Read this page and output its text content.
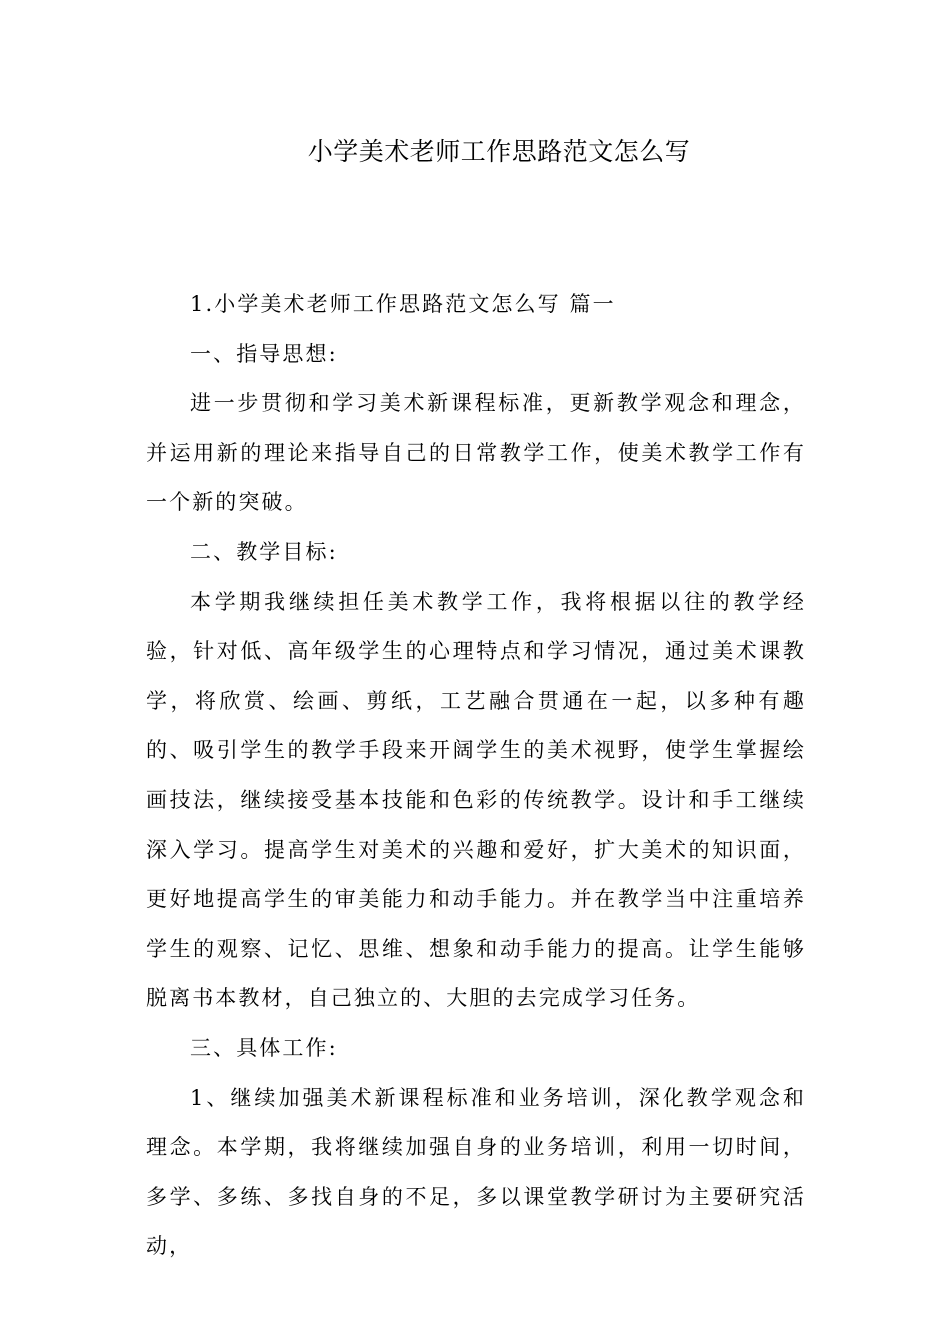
小学美术老师工作思路范文怎么写

1.小学美术老师工作思路范文怎么写 篇一

一、指导思想:

进一步贯彻和学习美术新课程标准，更新教学观念和理念，并运用新的理论来指导自己的日常教学工作，使美术教学工作有一个新的突破。

二、教学目标:

本学期我继续担任美术教学工作，我将根据以往的教学经验，针对低、高年级学生的心理特点和学习情况，通过美术课教学，将欣赏、绘画、剪纸，工艺融合贯通在一起，以多种有趣的、吸引学生的教学手段来开阔学生的美术视野，使学生掌握绘画技法，继续接受基本技能和色彩的传统教学。设计和手工继续深入学习。提高学生对美术的兴趣和爱好，扩大美术的知识面，更好地提高学生的审美能力和动手能力。并在教学当中注重培养学生的观察、记忆、思维、想象和动手能力的提高。让学生能够脱离书本教材，自己独立的、大胆的去完成学习任务。

三、具体工作:

1、继续加强美术新课程标准和业务培训，深化教学观念和理念。本学期，我将继续加强自身的业务培训，利用一切时间，多学、多练、多找自身的不足，多以课堂教学研讨为主要研究活动，
